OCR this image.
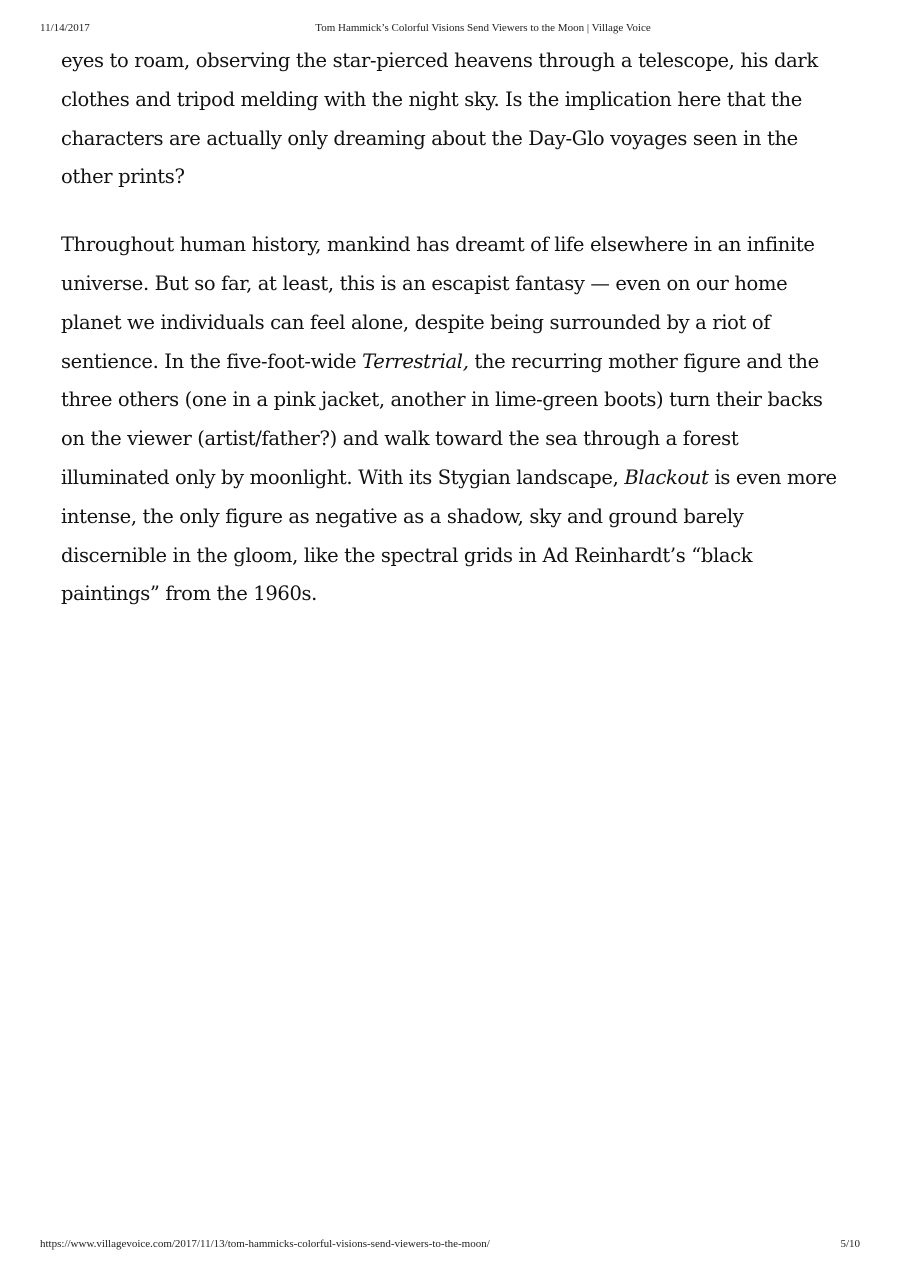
11/14/2017	Tom Hammick’s Colorful Visions Send Viewers to the Moon | Village Voice

eyes to roam, observing the star-pierced heavens through a telescope, his dark clothes and tripod melding with the night sky. Is the implication here that the characters are actually only dreaming about the Day-Glo voyages seen in the other prints?

Throughout human history, mankind has dreamt of life elsewhere in an infinite universe. But so far, at least, this is an escapist fantasy — even on our home planet we individuals can feel alone, despite being surrounded by a riot of sentience. In the five-foot-wide Terrestrial, the recurring mother figure and the three others (one in a pink jacket, another in lime-green boots) turn their backs on the viewer (artist/father?) and walk toward the sea through a forest illuminated only by moonlight. With its Stygian landscape, Blackout is even more intense, the only figure as negative as a shadow, sky and ground barely discernible in the gloom, like the spectral grids in Ad Reinhardt’s “black paintings” from the 1960s.

https://www.villagevoice.com/2017/11/13/tom-hammicks-colorful-visions-send-viewers-to-the-moon/	5/10
